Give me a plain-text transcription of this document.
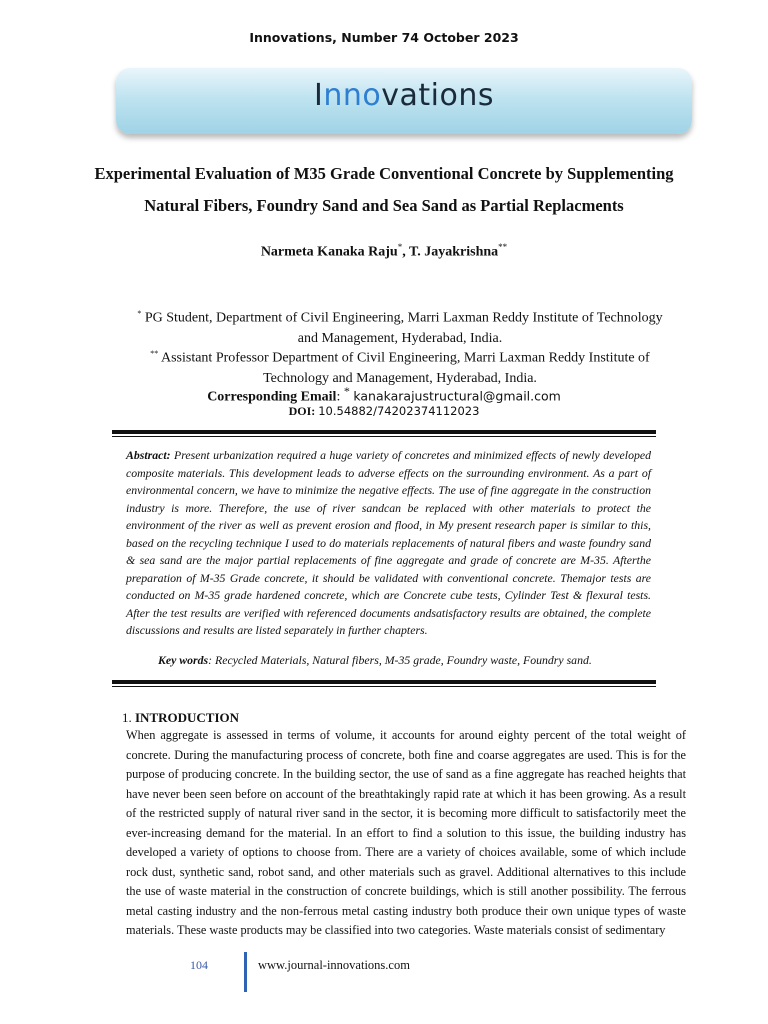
Innovations, Number 74 October 2023
Innovations
Experimental Evaluation of M35 Grade Conventional Concrete by Supplementing Natural Fibers, Foundry Sand and Sea Sand as Partial Replacments
Narmeta Kanaka Raju*, T. Jayakrishna**
* PG Student, Department of Civil Engineering, Marri Laxman Reddy Institute of Technology and Management, Hyderabad, India.
** Assistant Professor Department of Civil Engineering, Marri Laxman Reddy Institute of Technology and Management, Hyderabad, India.
Corresponding Email: * kanakarajustructural@gmail.com
DOI: 10.54882/74202374112023
Abstract: Present urbanization required a huge variety of concretes and minimized effects of newly developed composite materials. This development leads to adverse effects on the surrounding environment. As a part of environmental concern, we have to minimize the negative effects. The use of fine aggregate in the construction industry is more. Therefore, the use of river sandcan be replaced with other materials to protect the environment of the river as well as prevent erosion and flood, in My present research paper is similar to this, based on the recycling technique I used to do materials replacements of natural fibers and waste foundry sand & sea sand are the major partial replacements of fine aggregate and grade of concrete are M-35. Afterthe preparation of M-35 Grade concrete, it should be validated with conventional concrete. Themajor tests are conducted on M-35 grade hardened concrete, which are Concrete cube tests, Cylinder Test & flexural tests. After the test results are verified with referenced documents andsatisfactory results are obtained, the complete discussions and results are listed separately in further chapters.
Key words: Recycled Materials, Natural fibers, M-35 grade, Foundry waste, Foundry sand.
1. INTRODUCTION
When aggregate is assessed in terms of volume, it accounts for around eighty percent of the total weight of concrete. During the manufacturing process of concrete, both fine and coarse aggregates are used. This is for the purpose of producing concrete. In the building sector, the use of sand as a fine aggregate has reached heights that have never been seen before on account of the breathtakingly rapid rate at which it has been growing. As a result of the restricted supply of natural river sand in the sector, it is becoming more difficult to satisfactorily meet the ever-increasing demand for the material. In an effort to find a solution to this issue, the building industry has developed a variety of options to choose from. There are a variety of choices available, some of which include rock dust, synthetic sand, robot sand, and other materials such as gravel. Additional alternatives to this include the use of waste material in the construction of concrete buildings, which is still another possibility. The ferrous metal casting industry and the non-ferrous metal casting industry both produce their own unique types of waste materials. These waste products may be classified into two categories. Waste materials consist of sedimentary
104	www.journal-innovations.com
